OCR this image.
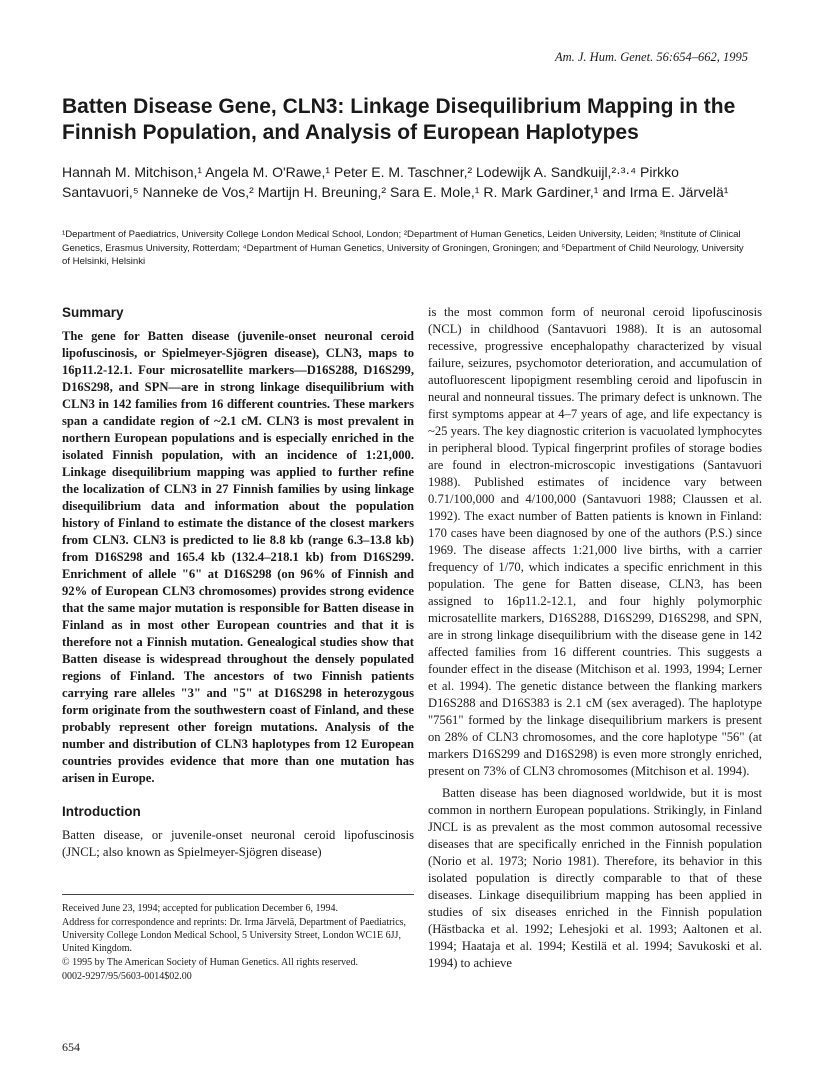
Am. J. Hum. Genet. 56:654–662, 1995
Batten Disease Gene, CLN3: Linkage Disequilibrium Mapping in the Finnish Population, and Analysis of European Haplotypes
Hannah M. Mitchison,¹ Angela M. O'Rawe,¹ Peter E. M. Taschner,² Lodewijk A. Sandkuijl,²·³·⁴ Pirkko Santavuori,⁵ Nanneke de Vos,² Martijn H. Breuning,² Sara E. Mole,¹ R. Mark Gardiner,¹ and Irma E. Järvelä¹
¹Department of Paediatrics, University College London Medical School, London; ²Department of Human Genetics, Leiden University, Leiden; ³Institute of Clinical Genetics, Erasmus University, Rotterdam; ⁴Department of Human Genetics, University of Groningen, Groningen; and ⁵Department of Child Neurology, University of Helsinki, Helsinki
Summary

The gene for Batten disease (juvenile-onset neuronal ceroid lipofuscinosis, or Spielmeyer-Sjögren disease), CLN3, maps to 16p11.2-12.1. Four microsatellite markers—D16S288, D16S299, D16S298, and SPN—are in strong linkage disequilibrium with CLN3 in 142 families from 16 different countries. These markers span a candidate region of ~2.1 cM. CLN3 is most prevalent in northern European populations and is especially enriched in the isolated Finnish population, with an incidence of 1:21,000. Linkage disequilibrium mapping was applied to further refine the localization of CLN3 in 27 Finnish families by using linkage disequilibrium data and information about the population history of Finland to estimate the distance of the closest markers from CLN3. CLN3 is predicted to lie 8.8 kb (range 6.3–13.8 kb) from D16S298 and 165.4 kb (132.4–218.1 kb) from D16S299. Enrichment of allele "6" at D16S298 (on 96% of Finnish and 92% of European CLN3 chromosomes) provides strong evidence that the same major mutation is responsible for Batten disease in Finland as in most other European countries and that it is therefore not a Finnish mutation. Genealogical studies show that Batten disease is widespread throughout the densely populated regions of Finland. The ancestors of two Finnish patients carrying rare alleles "3" and "5" at D16S298 in heterozygous form originate from the southwestern coast of Finland, and these probably represent other foreign mutations. Analysis of the number and distribution of CLN3 haplotypes from 12 European countries provides evidence that more than one mutation has arisen in Europe.

Introduction

Batten disease, or juvenile-onset neuronal ceroid lipofuscinosis (JNCL; also known as Spielmeyer-Sjögren disease)

is the most common form of neuronal ceroid lipofuscinosis (NCL) in childhood (Santavuori 1988). It is an autosomal recessive, progressive encephalopathy characterized by visual failure, seizures, psychomotor deterioration, and accumulation of autofluorescent lipopigment resembling ceroid and lipofuscin in neural and nonneural tissues. The primary defect is unknown. The first symptoms appear at 4–7 years of age, and life expectancy is ~25 years. The key diagnostic criterion is vacuolated lymphocytes in peripheral blood. Typical fingerprint profiles of storage bodies are found in electron-microscopic investigations (Santavuori 1988). Published estimates of incidence vary between 0.71/100,000 and 4/100,000 (Santavuori 1988; Claussen et al. 1992). The exact number of Batten patients is known in Finland: 170 cases have been diagnosed by one of the authors (P.S.) since 1969. The disease affects 1:21,000 live births, with a carrier frequency of 1/70, which indicates a specific enrichment in this population. The gene for Batten disease, CLN3, has been assigned to 16p11.2-12.1, and four highly polymorphic microsatellite markers, D16S288, D16S299, D16S298, and SPN, are in strong linkage disequilibrium with the disease gene in 142 affected families from 16 different countries. This suggests a founder effect in the disease (Mitchison et al. 1993, 1994; Lerner et al. 1994). The genetic distance between the flanking markers D16S288 and D16S383 is 2.1 cM (sex averaged). The haplotype "7561" formed by the linkage disequilibrium markers is present on 28% of CLN3 chromosomes, and the core haplotype "56" (at markers D16S299 and D16S298) is even more strongly enriched, present on 73% of CLN3 chromosomes (Mitchison et al. 1994).

Batten disease has been diagnosed worldwide, but it is most common in northern European populations. Strikingly, in Finland JNCL is as prevalent as the most common autosomal recessive diseases that are specifically enriched in the Finnish population (Norio et al. 1973; Norio 1981). Therefore, its behavior in this isolated population is directly comparable to that of these diseases. Linkage disequilibrium mapping has been applied in studies of six diseases enriched in the Finnish population (Hästbacka et al. 1992; Lehesjoki et al. 1993; Aaltonen et al. 1994; Haataja et al. 1994; Kestilä et al. 1994; Savukoski et al. 1994) to achieve

Received June 23, 1994; accepted for publication December 6, 1994.

Address for correspondence and reprints: Dr. Irma Järvelä, Department of Paediatrics, University College London Medical School, 5 University Street, London WC1E 6JJ, United Kingdom.

© 1995 by The American Society of Human Genetics. All rights reserved.

0002-9297/95/5603-0014$02.00

654
